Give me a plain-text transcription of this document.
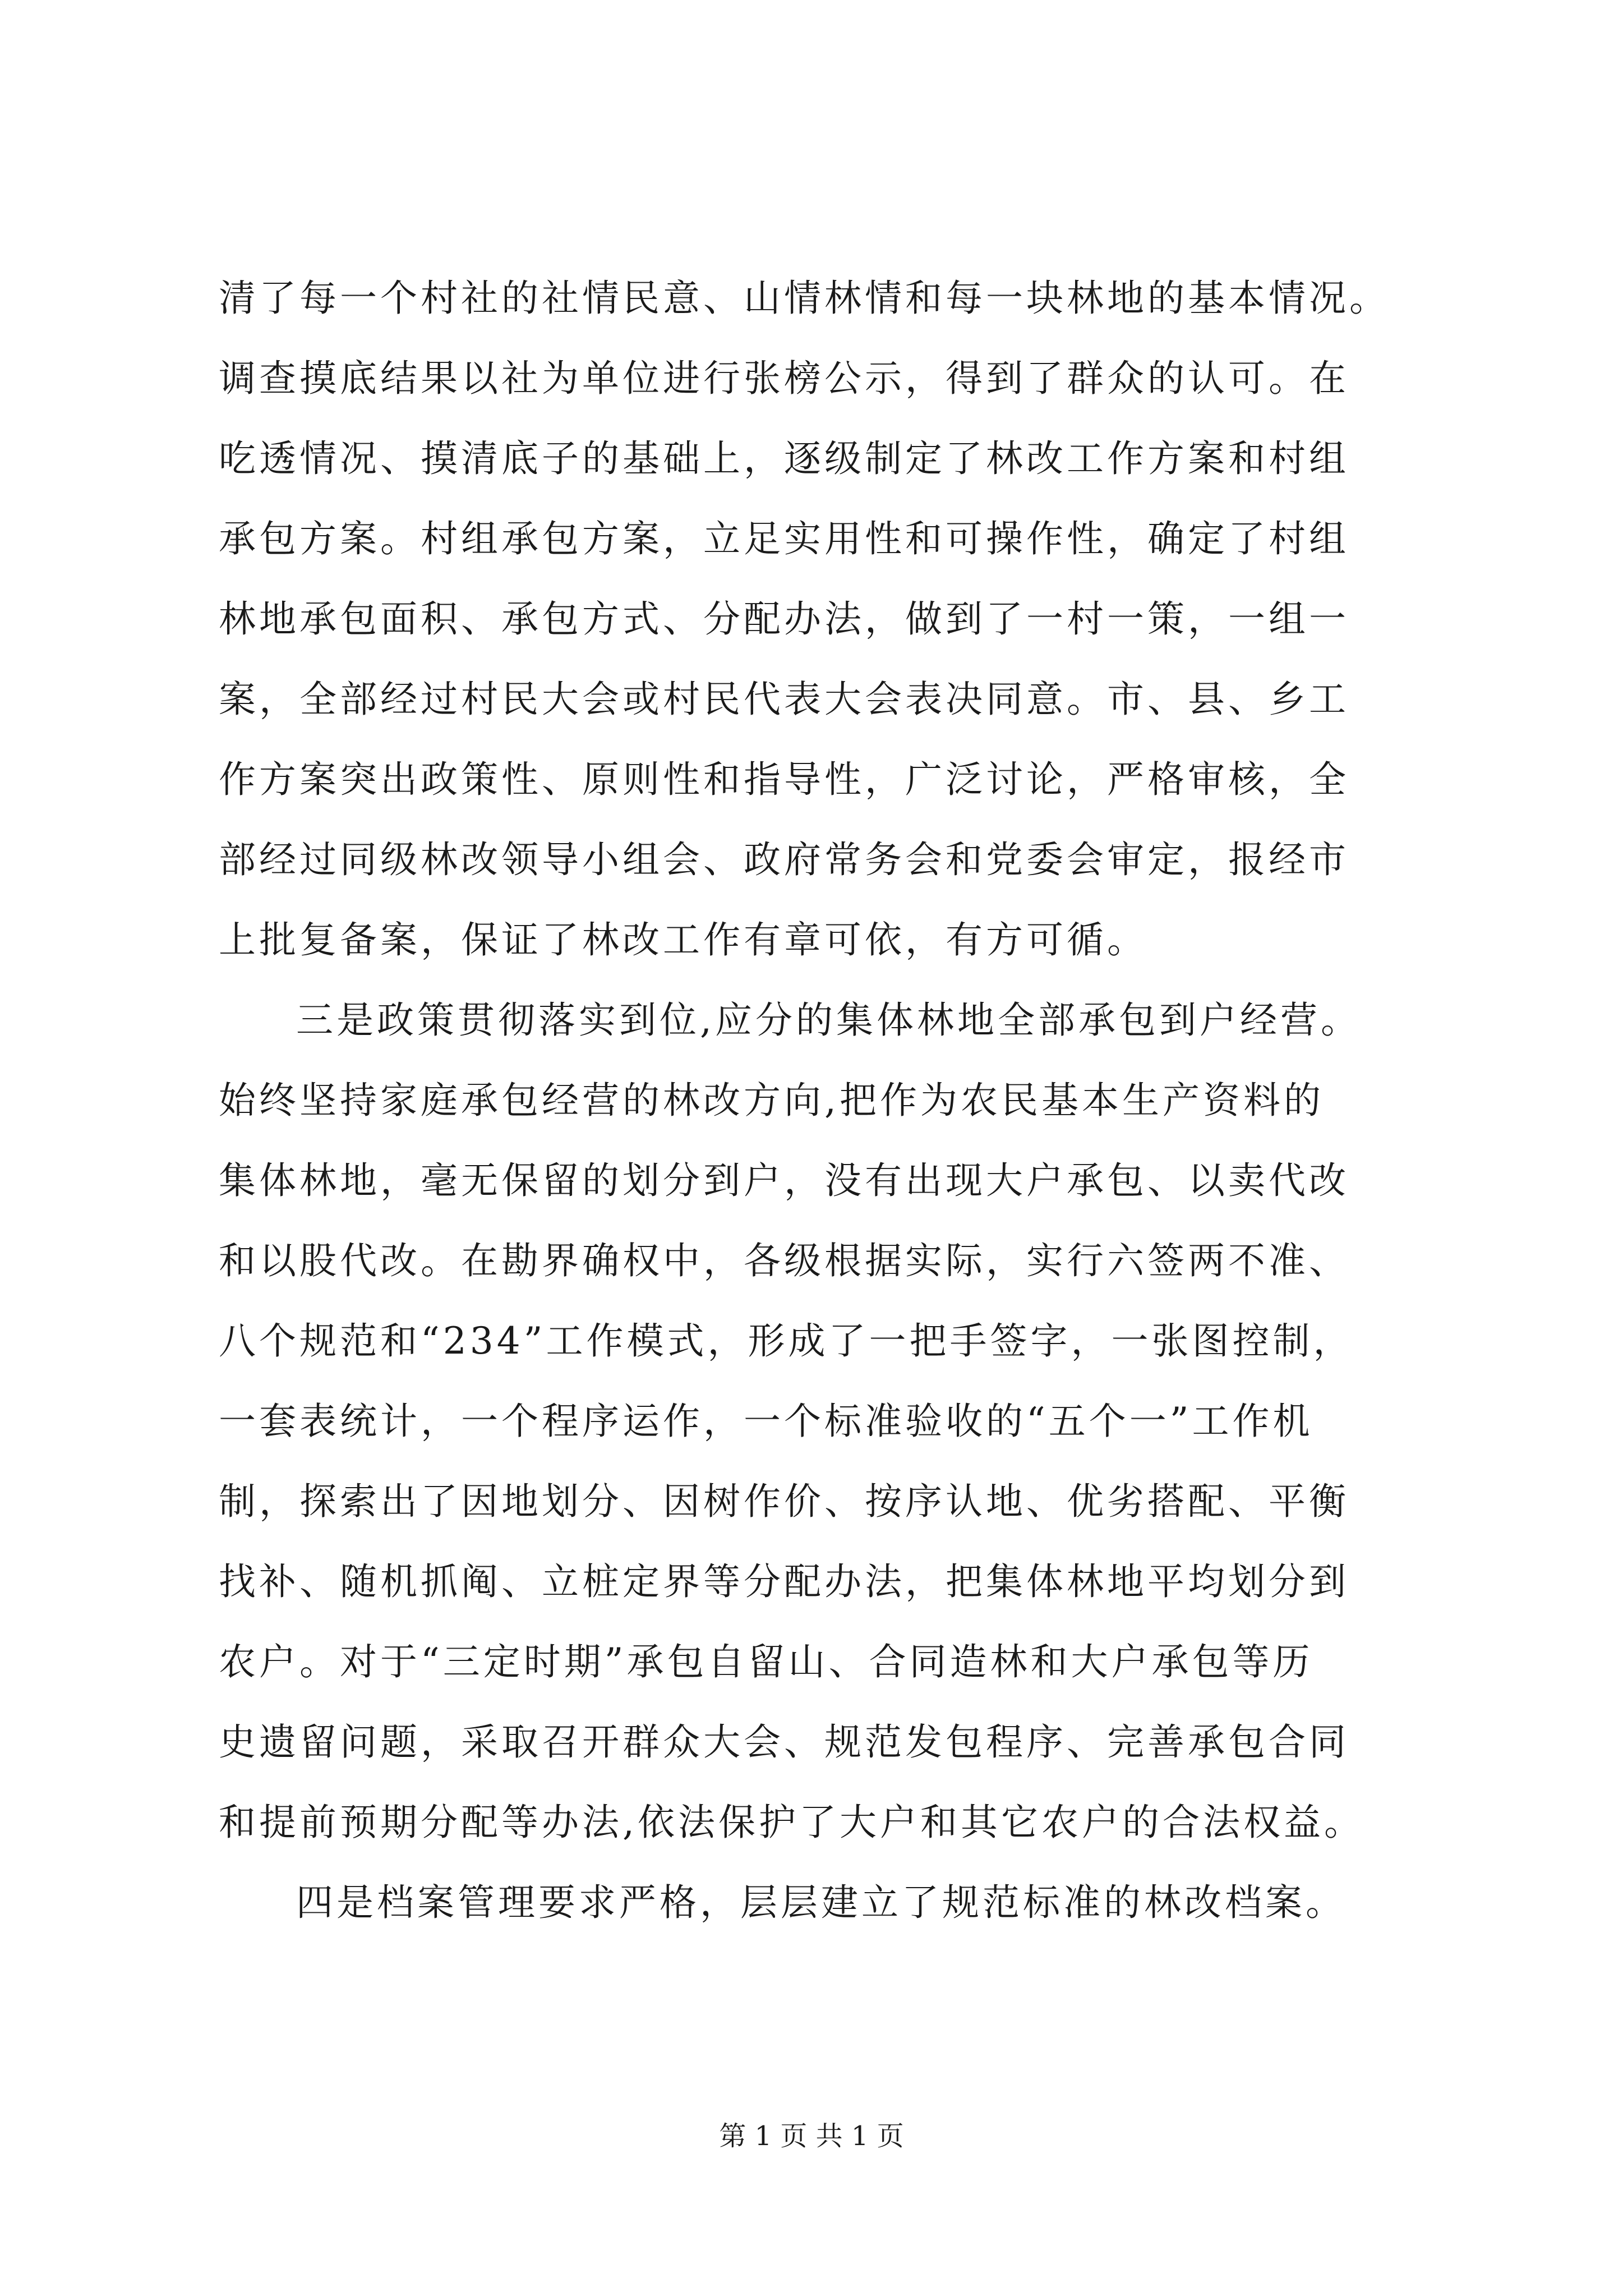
清了每一个村社的社情民意、山情林情和每一块林地的基本情况。
调查摸底结果以社为单位进行张榜公示，得到了群众的认可。在
吃透情况、摸清底子的基础上，逐级制定了林改工作方案和村组
承包方案。村组承包方案，立足实用性和可操作性，确定了村组
林地承包面积、承包方式、分配办法，做到了一村一策，一组一
案，全部经过村民大会或村民代表大会表决同意。市、县、乡工
作方案突出政策性、原则性和指导性，广泛讨论，严格审核，全
部经过同级林改领导小组会、政府常务会和党委会审定，报经市
上批复备案，保证了林改工作有章可依，有方可循。
三是政策贯彻落实到位,应分的集体林地全部承包到户经营。
始终坚持家庭承包经营的林改方向,把作为农民基本生产资料的
集体林地，毫无保留的划分到户，没有出现大户承包、以卖代改
和以股代改。在勘界确权中，各级根据实际，实行六签两不准、
八个规范和“234”工作模式，形成了一把手签字，一张图控制，
一套表统计，一个程序运作，一个标准验收的“五个一”工作机
制，探索出了因地划分、因树作价、按序认地、优劣搭配、平衡
找补、随机抓阄、立桩定界等分配办法，把集体林地平均划分到
农户。对于“三定时期”承包自留山、合同造林和大户承包等历
史遗留问题，采取召开群众大会、规范发包程序、完善承包合同
和提前预期分配等办法,依法保护了大户和其它农户的合法权益。
四是档案管理要求严格，层层建立了规范标准的林改档案。
第 1 页 共 1 页
